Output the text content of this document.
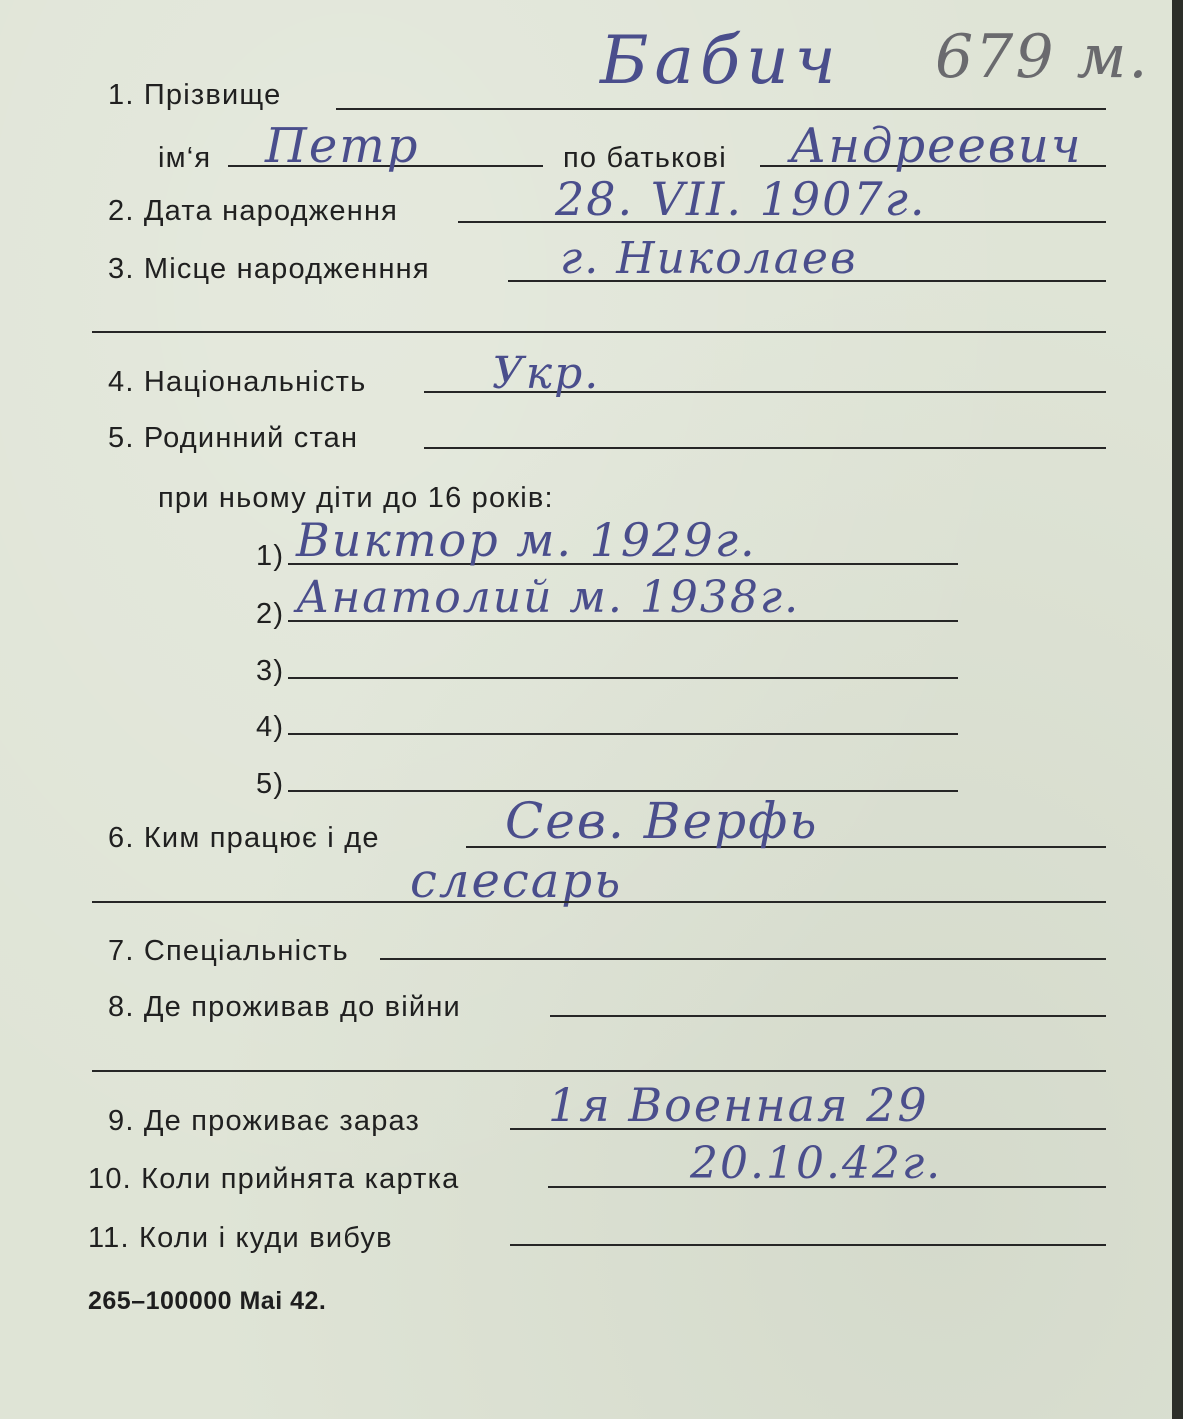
1. Прізвище	Бабич 679 м.
ім‘я Петр	по батькові Андреевич
2. Дата народження	28. VII. 1907г.
3. Місце народженння	г. Николаев
4. Національність	Укр.
5. Родинний стан
при ньому діти до 16 років:
1) Виктор м. 1929г.
2) Анатолий м. 1938г.
3)
4)
5)
6. Ким працює і де	Сев. Верфь
слесарь
7. Спеціальність
8. Де проживав до війни
9. Де проживає зараз	1я Военная 29
10. Коли прийнята картка	20.10.42г.
11. Коли і куди вибув
265–100000 Mai 42.
